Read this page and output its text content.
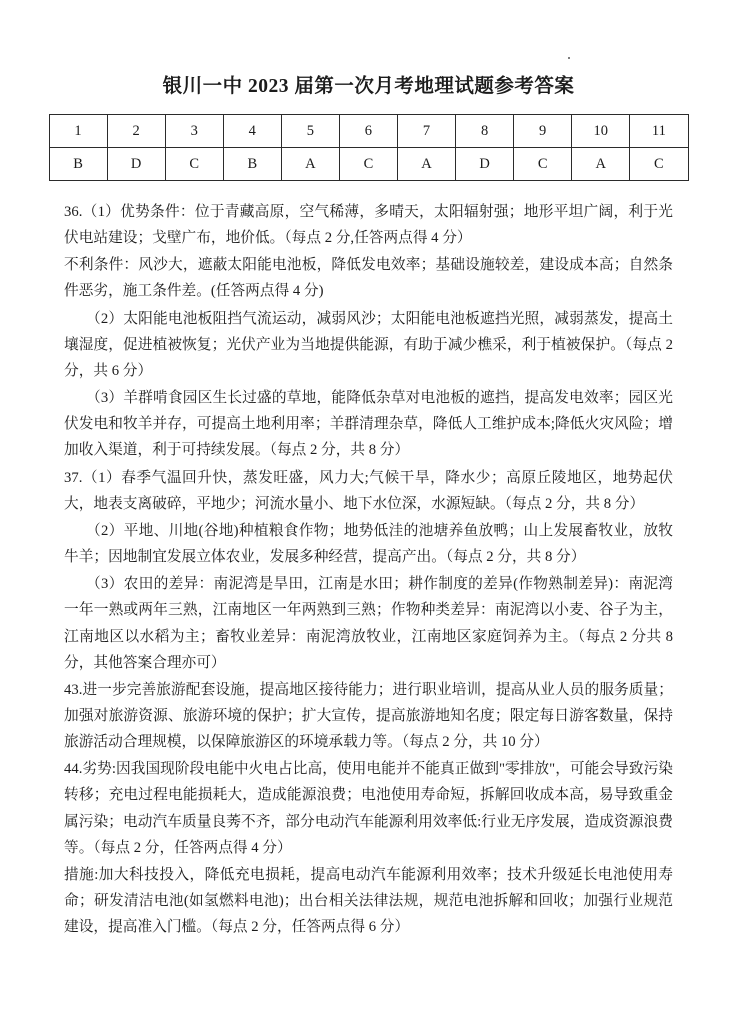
银川一中 2023 届第一次月考地理试题参考答案
1	2	3	4	5	6	7	8	9	10	11
B	D	C	B	A	C	A	D	C	A	C

36.（1）优势条件：位于青藏高原，空气稀薄，多晴天，太阳辐射强；地形平坦广阔，利于光伏电站建设；戈壁广布，地价低。（每点 2 分,任答两点得 4 分）

不利条件：风沙大，遮蔽太阳能电池板，降低发电效率；基础设施较差，建设成本高；自然条件恶劣，施工条件差。(任答两点得 4 分)

（2）太阳能电池板阻挡气流运动，减弱风沙；太阳能电池板遮挡光照，减弱蒸发，提高土壤湿度，促进植被恢复；光伏产业为当地提供能源，有助于减少樵采，利于植被保护。（每点 2 分，共 6 分）

（3）羊群啃食园区生长过盛的草地，能降低杂草对电池板的遮挡，提高发电效率；园区光伏发电和牧羊并存，可提高土地利用率；羊群清理杂草，降低人工维护成本;降低火灾风险；增加收入渠道，利于可持续发展。（每点 2 分，共 8 分）

37.（1）春季气温回升快，蒸发旺盛，风力大;气候干旱，降水少；高原丘陵地区，地势起伏大，地表支离破碎，平地少；河流水量小、地下水位深，水源短缺。（每点 2 分，共 8 分）

（2）平地、川地(谷地)种植粮食作物；地势低洼的池塘养鱼放鸭；山上发展畜牧业，放牧牛羊；因地制宜发展立体农业，发展多种经营，提高产出。（每点 2 分，共 8 分）

（3）农田的差异：南泥湾是旱田，江南是水田；耕作制度的差异(作物熟制差异)：南泥湾一年一熟或两年三熟，江南地区一年两熟到三熟；作物种类差异：南泥湾以小麦、谷子为主，江南地区以水稻为主；畜牧业差异：南泥湾放牧业，江南地区家庭饲养为主。（每点 2 分共 8 分，其他答案合理亦可）

43.进一步完善旅游配套设施，提高地区接待能力；进行职业培训，提高从业人员的服务质量；加强对旅游资源、旅游环境的保护；扩大宣传，提高旅游地知名度；限定每日游客数量，保持旅游活动合理规模，以保障旅游区的环境承载力等。（每点 2 分，共 10 分）

44.劣势:因我国现阶段电能中火电占比高，使用电能并不能真正做到"零排放"，可能会导致污染转移；充电过程电能损耗大，造成能源浪费；电池使用寿命短，拆解回收成本高，易导致重金属污染；电动汽车质量良莠不齐，部分电动汽车能源利用效率低:行业无序发展，造成资源浪费等。（每点 2 分，任答两点得 4 分）

措施:加大科技投入，降低充电损耗，提高电动汽车能源利用效率；技术升级延长电池使用寿命；研发清洁电池(如氢燃料电池)；出台相关法律法规，规范电池拆解和回收；加强行业规范建设，提高准入门槛。（每点 2 分，任答两点得 6 分）
